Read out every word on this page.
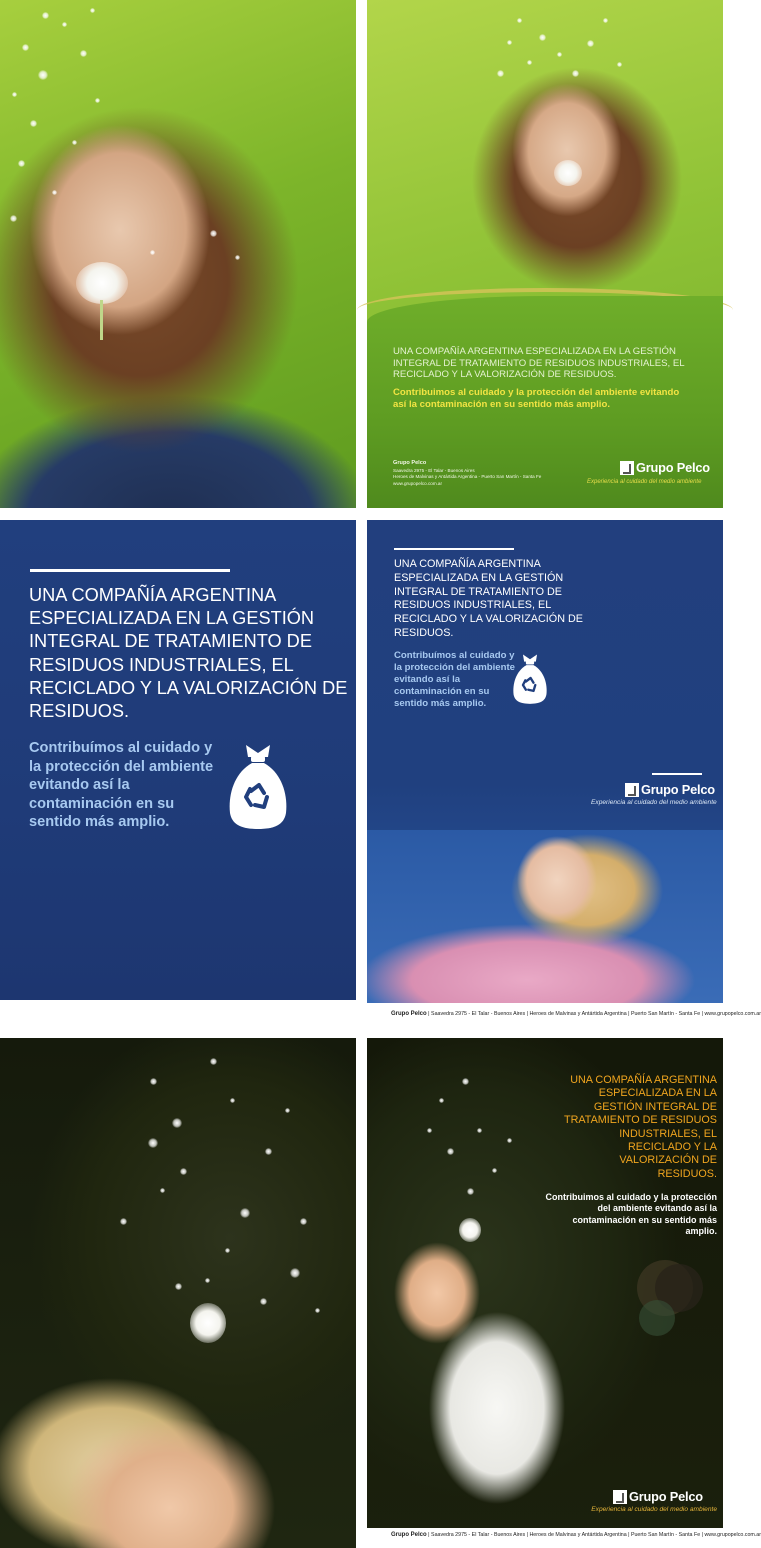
UNA COMPAÑÍA ARGENTINA ESPECIALIZADA EN LA GESTIÓN
INTEGRAL DE TRATAMIENTO DE RESIDUOS INDUSTRIALES, EL
RECICLADO Y LA VALORIZACIÓN DE RESIDUOS.
Contribuimos al cuidado y la protección del ambiente evitando
así la contaminación en su sentido más amplio.
Grupo Pelco
Saavedra 2975 - El Talar - Buenos Aires
Heroes de Malvinas y Antártida Argentina - Puerto San Martín - Santa Fe
www.grupopelco.com.ar
Grupo Pelco
Experiencia al cuidado del medio ambiente
UNA COMPAÑÍA ARGENTINA
ESPECIALIZADA EN LA GESTIÓN
INTEGRAL DE TRATAMIENTO DE
RESIDUOS INDUSTRIALES, EL
RECICLADO Y LA VALORIZACIÓN DE
RESIDUOS.
Contribuímos al cuidado y
la protección del ambiente
evitando así la
contaminación en su
sentido más amplio.
UNA COMPAÑÍA ARGENTINA
ESPECIALIZADA EN LA GESTIÓN
INTEGRAL DE TRATAMIENTO DE
RESIDUOS INDUSTRIALES, EL
RECICLADO Y LA VALORIZACIÓN DE
RESIDUOS.
Contribuímos al cuidado y
la protección del ambiente
evitando así la
contaminación en su
sentido más amplio.
Grupo Pelco
Experiencia al cuidado del medio ambiente
Grupo Pelco | Saavedra 2975 - El Talar - Buenos Aires | Heroes de Malvinas y Antártida Argentina | Puerto San Martín - Santa Fe | www.grupopelco.com.ar
UNA COMPAÑÍA ARGENTINA
ESPECIALIZADA EN LA
GESTIÓN INTEGRAL DE
TRATAMIENTO DE RESIDUOS
INDUSTRIALES, EL
RECICLADO Y LA
VALORIZACIÓN DE
RESIDUOS.
Contribuimos al cuidado y la protección
del ambiente evitando así la
contaminación en su sentido más
amplio.
Grupo Pelco
Experiencia al cuidado del medio ambiente
Grupo Pelco | Saavedra 2975 - El Talar - Buenos Aires | Heroes de Malvinas y Antártida Argentina | Puerto San Martín - Santa Fe | www.grupopelco.com.ar
